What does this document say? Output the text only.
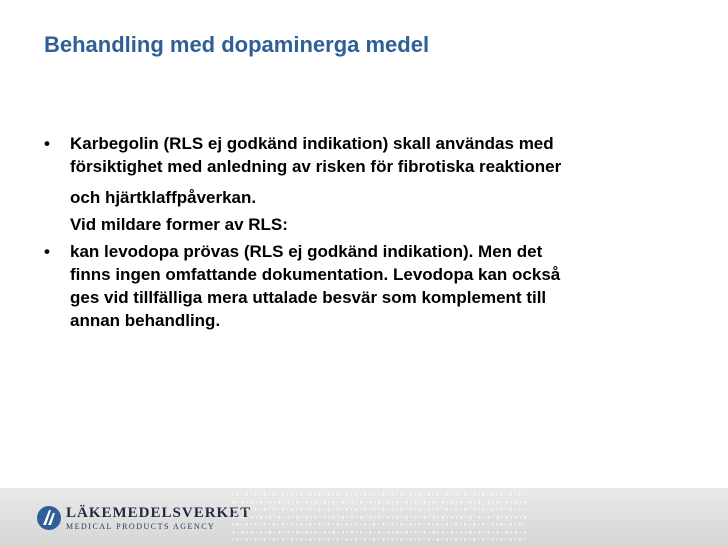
Behandling med dopaminerga medel
• Karbegolin (RLS ej godkänd indikation) skall användas med
försiktighet med anledning av risken för fibrotiska reaktioner
och hjärtklaffpåverkan.
Vid mildare former av RLS:
• kan levodopa prövas (RLS ej godkänd indikation). Men det
finns ingen omfattande dokumentation. Levodopa kan också
ges vid tillfälliga mera uttalade besvär som komplement till
annan behandling.
LÄKEMEDELSVERKET
MEDICAL PRODUCTS AGENCY
• ● • ● • ● • ● • ● • ● • ● • ● • ● • ● • ● • ● • ● • ● • ● • ● • ● • ● • ● • ● • ● • ● • ● • ● • ● • ● • ● • ● • ● • ● • ● • ● •
● • ● • ● • ● • ● • ● • ● • ● • ● • ● • ● • ● • ● • ● • ● • ● • ● • ● • ● • ● • ● • ● • ● • ● • ● • ● • ● • ● • ● • ● • ● • ● • ●
• ● • ● • ● • ● • ● • ● • ● • ● • ● • ● • ● • ● • ● • ● • ● • ● • ● • ● • ● • ● • ● • ● • ● • ● • ● • ● • ● • ● • ● • ● • ● • ● •
● • ● • ● • ● • ● • ● • ● • ● • ● • ● • ● • ● • ● • ● • ● • ● • ● • ● • ● • ● • ● • ● • ● • ● • ● • ● • ● • ● • ● • ● • ● • ● • ●
• ● • ● • ● • ● • ● • ● • ● • ● • ● • ● • ● • ● • ● • ● • ● • ● • ● • ● • ● • ● • ● • ● • ● • ● • ● • ● • ● • ● • ● • ● • ● • ● •
● • ● • ● • ● • ● • ● • ● • ● • ● • ● • ● • ● • ● • ● • ● • ● • ● • ● • ● • ● • ● • ● • ● • ● • ● • ● • ● • ● • ● • ● • ● • ● • ●
• ● • ● • ● • ● • ● • ● • ● • ● • ● • ● • ● • ● • ● • ● • ● • ● • ● • ● • ● • ● • ● • ● • ● • ● • ● • ● • ● • ● • ● • ● • ● • ● •
